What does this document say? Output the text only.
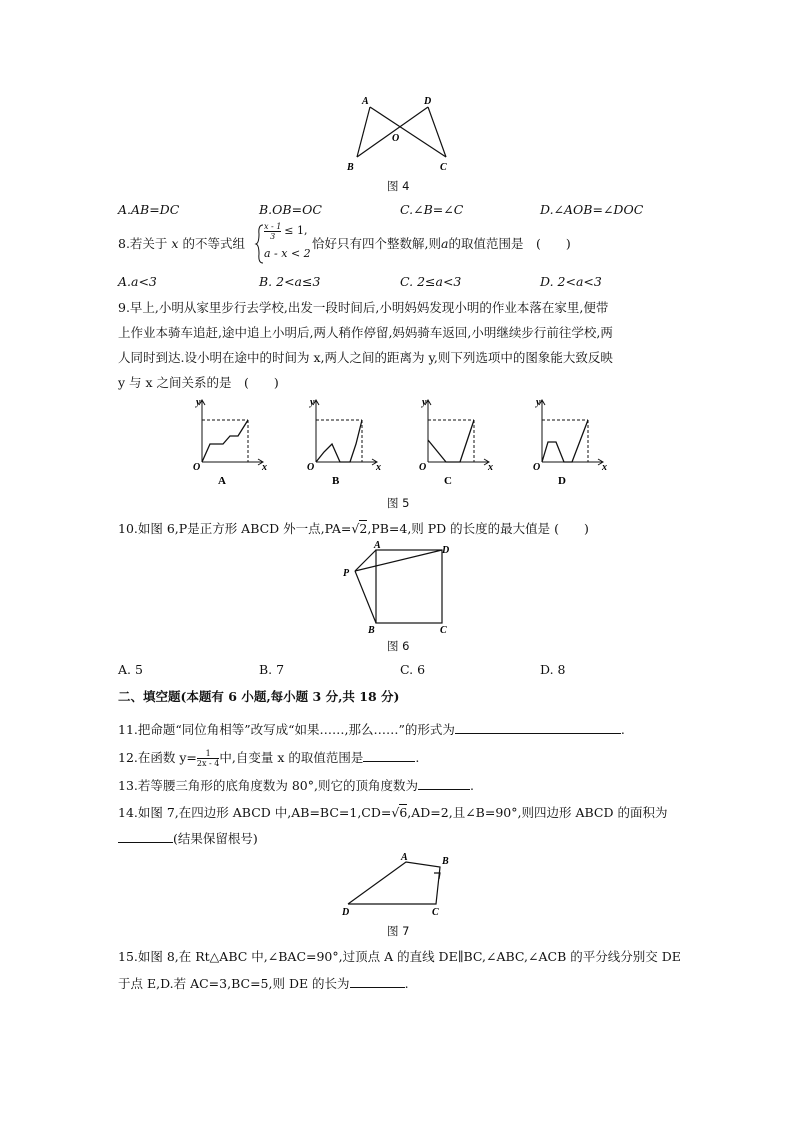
A	D
O
B	C
图 4
A.AB=DC	B.OB=OC	C.∠B=∠C	D.∠AOB=∠DOC
8.若关于 x 的不等式组
$\frac{x - 1}{3} \le 1$,
a - x < 2
恰好只有四个整数解,则a的取值范围是　(　　)
A.a<3	B. 2<a≤3	C. 2≤a<3	D. 2<a<3
9.早上,小明从家里步行去学校,出发一段时间后,小明妈妈发现小明的作业本落在家里,便带
上作业本骑车追赶,途中追上小明后,两人稍作停留,妈妈骑车返回,小明继续步行前往学校,两
人同时到达.设小明在途中的时间为 x,两人之间的距离为 y,则下列选项中的图象能大致反映
y 与 x 之间关系的是　(　　)
y
x
O
A
y
x
O
B
y
x
O
C
y
x
O
D
图 5
10.如图 6,P是正方形 ABCD 外一点,PA=√2,PB=4,则 PD 的长度的最大值是 (　　)
A	D
P
B	C
图 6
A. 5	B. 7	C. 6	D. 8
二、填空题(本题有 6 小题,每小题 3 分,共 18 分)
11.把命题“同位角相等”改写成“如果……,那么……”的形式为	.
12.在函数 $y= \frac{1}{2x - 4}$ 中,自变量 x 的取值范围是	.
13.若等腰三角形的底角度数为 80°,则它的顶角度数为	.
14.如图 7,在四边形 ABCD 中,AB=BC=1,CD=√6,AD=2,且∠B=90°,则四边形 ABCD 的面积为
(结果保留根号)
A	B
D	C
图 7
15.如图 8,在 Rt△ABC 中,∠BAC=90°,过顶点 A 的直线 DE∥BC,∠ABC,∠ACB 的平分线分别交 DE
于点 E,D.若 AC=3,BC=5,则 DE 的长为	.
